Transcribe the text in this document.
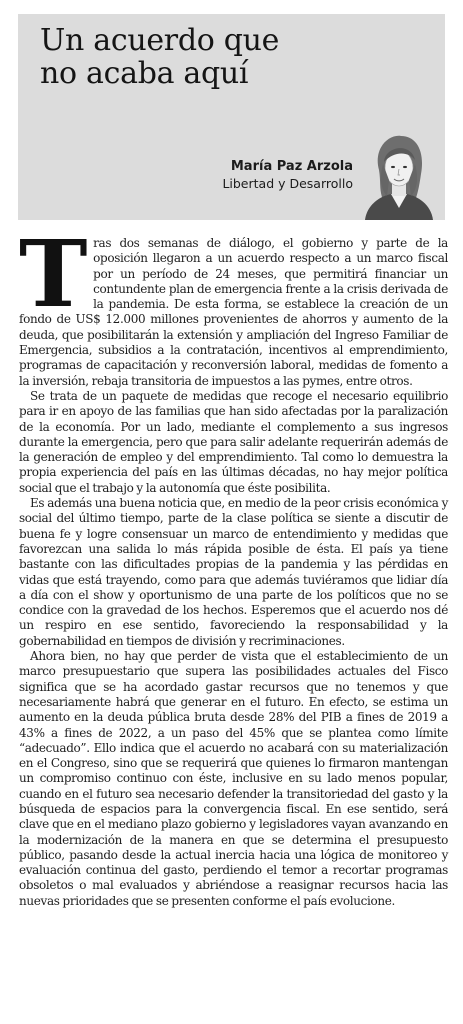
Un acuerdo que
no acaba aquí
María Paz Arzola
Libertad y Desarrollo

Tras dos semanas de diálogo, el gobierno y parte de la oposición llegaron a un acuerdo respecto a un marco fiscal por un período de 24 meses, que permitirá financiar un contundente plan de emergencia frente a la crisis derivada de la pandemia. De esta forma, se establece la creación de un fondo de US$ 12.000 millones provenientes de ahorros y aumento de la deuda, que posibilitarán la extensión y ampliación del Ingreso Familiar de Emergencia, subsidios a la contratación, incentivos al emprendimiento, programas de capacitación y reconversión laboral, medidas de fomento a la inversión, rebaja transitoria de impuestos a las pymes, entre otros.

Se trata de un paquete de medidas que recoge el necesario equilibrio para ir en apoyo de las familias que han sido afectadas por la paralización de la economía. Por un lado, mediante el complemento a sus ingresos durante la emergencia, pero que para salir adelante requerirán además de la generación de empleo y del emprendimiento. Tal como lo demuestra la propia experiencia del país en las últimas décadas, no hay mejor política social que el trabajo y la autonomía que éste posibilita.

Es además una buena noticia que, en medio de la peor crisis económica y social del último tiempo, parte de la clase política se siente a discutir de buena fe y logre consensuar un marco de entendimiento y medidas que favorezcan una salida lo más rápida posible de ésta. El país ya tiene bastante con las dificultades propias de la pandemia y las pérdidas en vidas que está trayendo, como para que además tuviéramos que lidiar día a día con el show y oportunismo de una parte de los políticos que no se condice con la gravedad de los hechos. Esperemos que el acuerdo nos dé un respiro en ese sentido, favoreciendo la responsabilidad y la gobernabilidad en tiempos de división y recriminaciones.

Ahora bien, no hay que perder de vista que el establecimiento de un marco presupuestario que supera las posibilidades actuales del Fisco significa que se ha acordado gastar recursos que no tenemos y que necesariamente habrá que generar en el futuro. En efecto, se estima un aumento en la deuda pública bruta desde 28% del PIB a fines de 2019 a 43% a fines de 2022, a un paso del 45% que se plantea como límite “adecuado”. Ello indica que el acuerdo no acabará con su materialización en el Congreso, sino que se requerirá que quienes lo firmaron mantengan un compromiso continuo con éste, inclusive en su lado menos popular, cuando en el futuro sea necesario defender la transitoriedad del gasto y la búsqueda de espacios para la convergencia fiscal. En ese sentido, será clave que en el mediano plazo gobierno y legisladores vayan avanzando en la modernización de la manera en que se determina el presupuesto público, pasando desde la actual inercia hacia una lógica de monitoreo y evaluación continua del gasto, perdiendo el temor a recortar programas obsoletos o mal evaluados y abriéndose a reasignar recursos hacia las nuevas prioridades que se presenten conforme el país evolucione.
